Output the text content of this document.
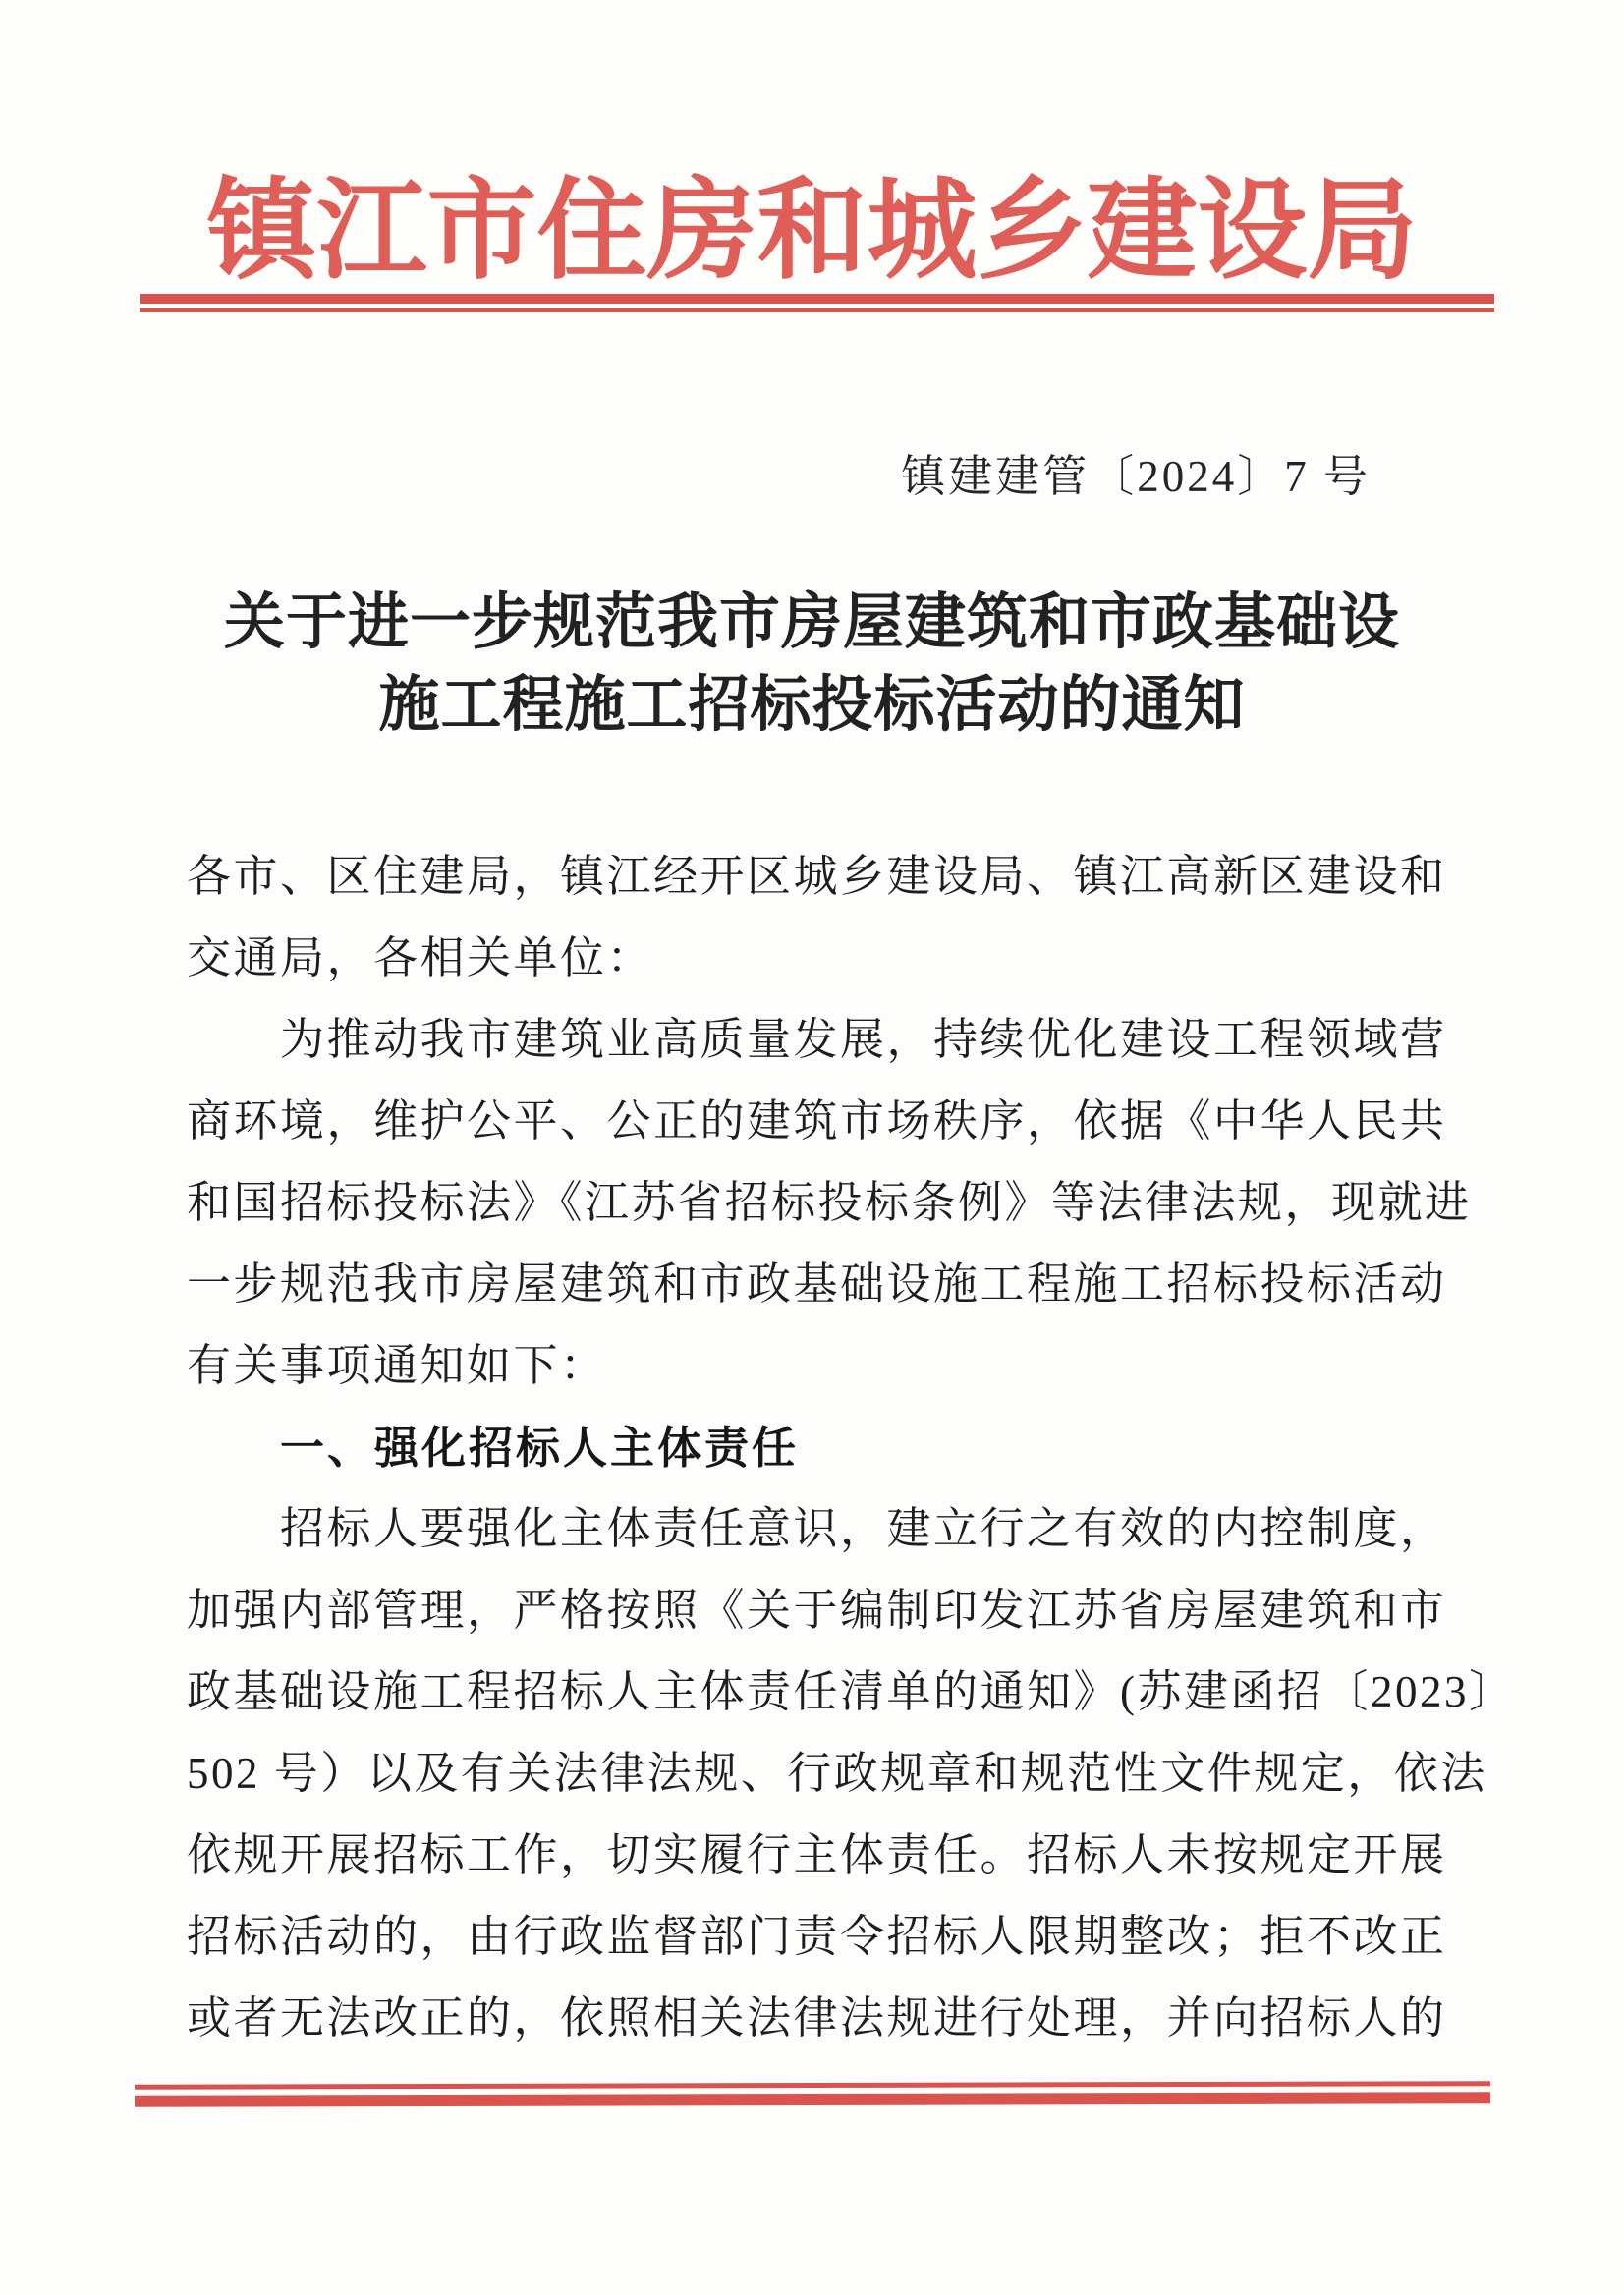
镇江市住房和城乡建设局
镇建建管〔2024〕7 号
关于进一步规范我市房屋建筑和市政基础设
施工程施工招标投标活动的通知
各市、区住建局，镇江经开区城乡建设局、镇江高新区建设和
交通局，各相关单位：
为推动我市建筑业高质量发展，持续优化建设工程领域营
商环境，维护公平、公正的建筑市场秩序，依据《中华人民共
和国招标投标法》《江苏省招标投标条例》等法律法规，现就进
一步规范我市房屋建筑和市政基础设施工程施工招标投标活动
有关事项通知如下：
一、强化招标人主体责任
招标人要强化主体责任意识，建立行之有效的内控制度，
加强内部管理，严格按照《关于编制印发江苏省房屋建筑和市
政基础设施工程招标人主体责任清单的通知》(苏建函招〔2023〕
502 号）以及有关法律法规、行政规章和规范性文件规定，依法
依规开展招标工作，切实履行主体责任。招标人未按规定开展
招标活动的，由行政监督部门责令招标人限期整改；拒不改正
或者无法改正的，依照相关法律法规进行处理，并向招标人的
